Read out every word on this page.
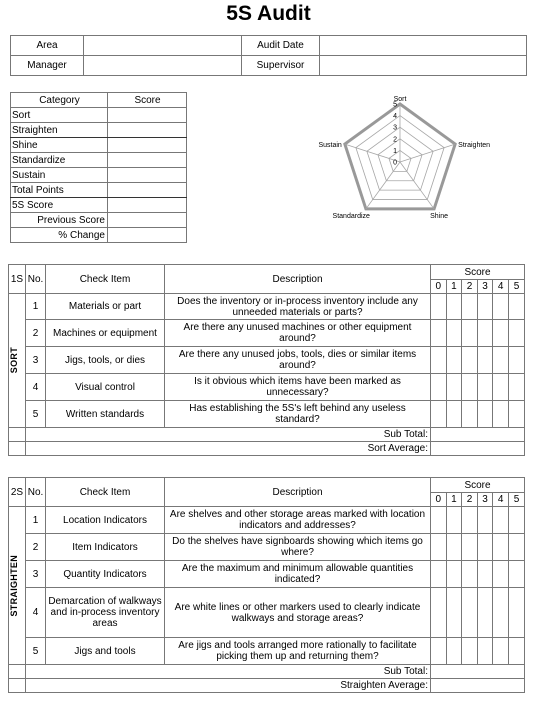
5S Audit
Area		Audit Date	
Manager		Supervisor	
Category	Score
Sort	
Straighten	
Shine	
Standardize	
Sustain	
Total Points	
5S Score	
Previous Score	
% Change	
0
1
2
3
4
5
Sort
Straighten
Shine
Standardize
Sustain
1S	No.	Check Item	Description	Score					
				0	1	2	3	4	5

SORT	1	Materials or part	Does the inventory or in-process inventory include any unneeded materials or parts?						
	2	Machines or equipment	Are there any unused machines or other equipment around?						
	3	Jigs, tools, or dies	Are there any unused jobs, tools, dies or similar items around?						
	4	Visual control	Is it obvious which items have been marked as unnecessary?						
	5	Written standards	Has establishing the 5S's left behind any useless standard?						
	Sub Total:								
	Sort Average:								
2S	No.	Check Item	Description	Score					
				0	1	2	3	4	5

STRAIGHTEN	1	Location Indicators	Are shelves and other storage areas marked with location indicators and addresses?						
	2	Item Indicators	Do the shelves have signboards showing which items go where?						
	3	Quantity Indicators	Are the maximum and minimum allowable quantities indicated?						
	4	Demarcation of walkways and in-process inventory areas	Are white lines or other markers used to clearly indicate walkways and storage areas?						
	5	Jigs and tools	Are jigs and tools arranged more rationally to facilitate picking them up and returning them?						
	Sub Total:								
	Straighten Average:								
